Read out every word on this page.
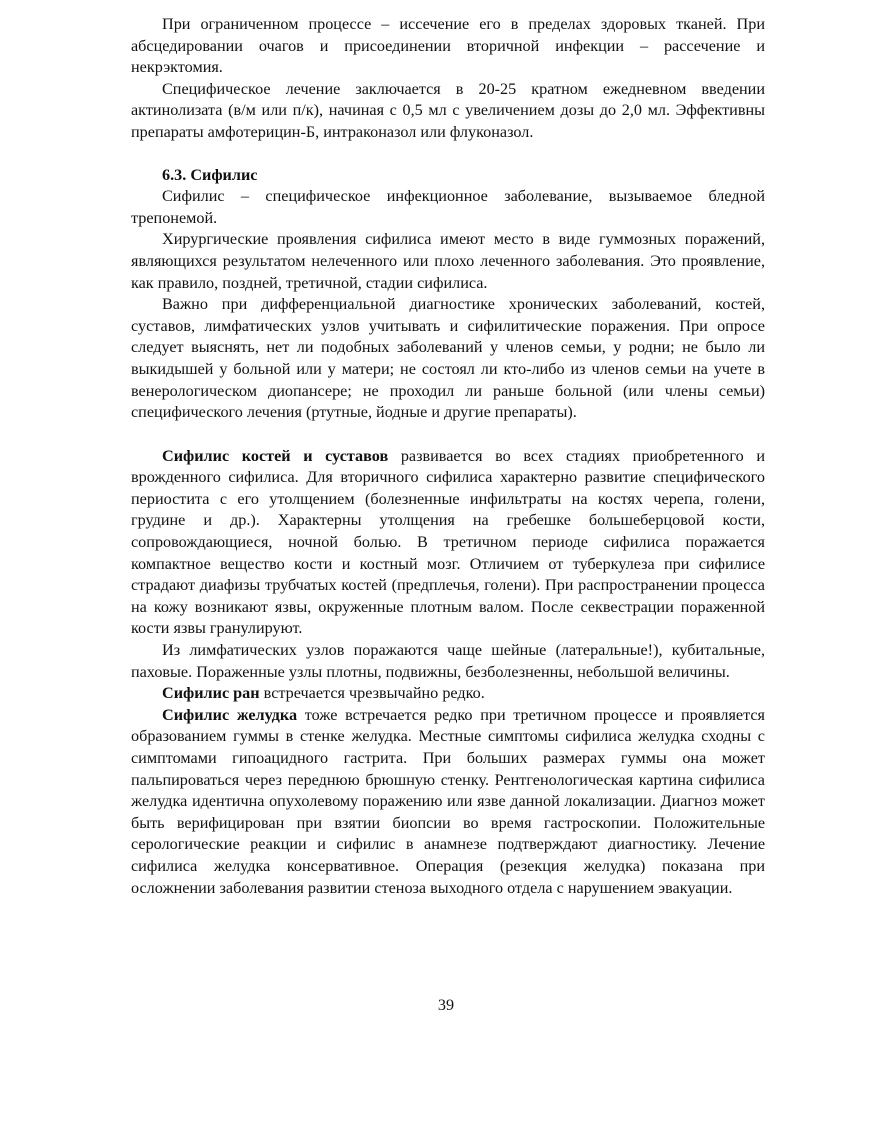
При ограниченном процессе – иссечение его в пределах здоровых тканей. При абсцедировании очагов и присоединении вторичной инфекции – рассечение и некрэктомия.

Специфическое лечение заключается в 20-25 кратном ежедневном введении актинолизата (в/м или п/к), начиная с 0,5 мл с увеличением дозы до 2,0 мл. Эффективны препараты амфотерицин-Б, интраконазол или флуконазол.

6.3. Сифилис

Сифилис – специфическое инфекционное заболевание, вызываемое бледной трепонемой.

Хирургические проявления сифилиса имеют место в виде гуммозных поражений, являющихся результатом нелеченного или плохо леченного заболевания. Это проявление, как правило, поздней, третичной, стадии сифилиса.

Важно при дифференциальной диагностике хронических заболеваний, костей, суставов, лимфатических узлов учитывать и сифилитические поражения. При опросе следует выяснять, нет ли подобных заболеваний у членов семьи, у родни; не было ли выкидышей у больной или у матери; не состоял ли кто-либо из членов семьи на учете в венерологическом диопансере; не проходил ли раньше больной (или члены семьи) специфического лечения (ртутные, йодные и другие препараты).

Сифилис костей и суставов развивается во всех стадиях приобретенного и врожденного сифилиса. Для вторичного сифилиса характерно развитие специфического периостита с его утолщением (болезненные инфильтраты на костях черепа, голени, грудине и др.). Характерны утолщения на гребешке большеберцовой кости, сопровождающиеся, ночной болью. В третичном периоде сифилиса поражается компактное вещество кости и костный мозг. Отличием от туберкулеза при сифилисе страдают диафизы трубчатых костей (предплечья, голени). При распространении процесса на кожу возникают язвы, окруженные плотным валом. После секвестрации пораженной кости язвы гранулируют.

Из лимфатических узлов поражаются чаще шейные (латеральные!), кубитальные, паховые. Пораженные узлы плотны, подвижны, безболезненны, небольшой величины.

Сифилис ран встречается чрезвычайно редко.

Сифилис желудка тоже встречается редко при третичном процессе и проявляется образованием гуммы в стенке желудка. Местные симптомы сифилиса желудка сходны с симптомами гипоацидного гастрита. При больших размерах гуммы она может пальпироваться через переднюю брюшную стенку. Рентгенологическая картина сифилиса желудка идентична опухолевому поражению или язве данной локализации. Диагноз может быть верифицирован при взятии биопсии во время гастроскопии. Положительные серологические реакции и сифилис в анамнезе подтверждают диагностику. Лечение сифилиса желудка консервативное. Операция (резекция желудка) показана при осложнении заболевания развитии стеноза выходного отдела с нарушением эвакуации.

39
